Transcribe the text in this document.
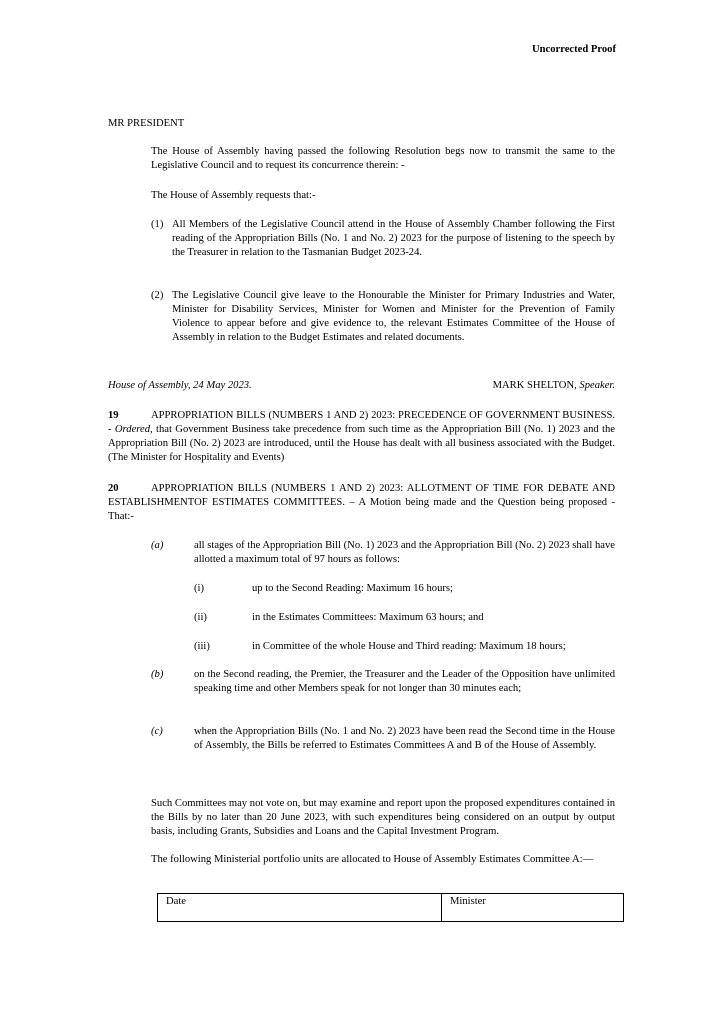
Uncorrected Proof
MR PRESIDENT
The House of Assembly having passed the following Resolution begs now to transmit the same to the Legislative Council and to request its concurrence therein: -
The House of Assembly requests that:-
(1) All Members of the Legislative Council attend in the House of Assembly Chamber following the First reading of the Appropriation Bills (No. 1 and No. 2) 2023 for the purpose of listening to the speech by the Treasurer in relation to the Tasmanian Budget 2023-24.
(2) The Legislative Council give leave to the Honourable the Minister for Primary Industries and Water, Minister for Disability Services, Minister for Women and Minister for the Prevention of Family Violence to appear before and give evidence to, the relevant Estimates Committee of the House of Assembly in relation to the Budget Estimates and related documents.
House of Assembly, 24 May 2023.	MARK SHELTON, Speaker.
19	APPROPRIATION BILLS (NUMBERS 1 AND 2) 2023: PRECEDENCE OF GOVERNMENT BUSINESS. - Ordered, that Government Business take precedence from such time as the Appropriation Bill (No. 1) 2023 and the Appropriation Bill (No. 2) 2023 are introduced, until the House has dealt with all business associated with the Budget. (The Minister for Hospitality and Events)
20	APPROPRIATION BILLS (NUMBERS 1 AND 2) 2023: ALLOTMENT OF TIME FOR DEBATE AND ESTABLISHMENTOF ESTIMATES COMMITTEES. – A Motion being made and the Question being proposed - That:-
(a)	all stages of the Appropriation Bill (No. 1) 2023 and the Appropriation Bill (No. 2) 2023 shall have allotted a maximum total of 97 hours as follows:
(i)	up to the Second Reading: Maximum 16 hours;
(ii)	in the Estimates Committees: Maximum 63 hours; and
(iii)	in Committee of the whole House and Third reading: Maximum 18 hours;
(b)	on the Second reading, the Premier, the Treasurer and the Leader of the Opposition have unlimited speaking time and other Members speak for not longer than 30 minutes each;
(c)	when the Appropriation Bills (No. 1 and No. 2) 2023 have been read the Second time in the House of Assembly, the Bills be referred to Estimates Committees A and B of the House of Assembly.
Such Committees may not vote on, but may examine and report upon the proposed expenditures contained in the Bills by no later than 20 June 2023, with such expenditures being considered on an output by output basis, including Grants, Subsidies and Loans and the Capital Investment Program.
The following Ministerial portfolio units are allocated to House of Assembly Estimates Committee A:—
Date	Minister
